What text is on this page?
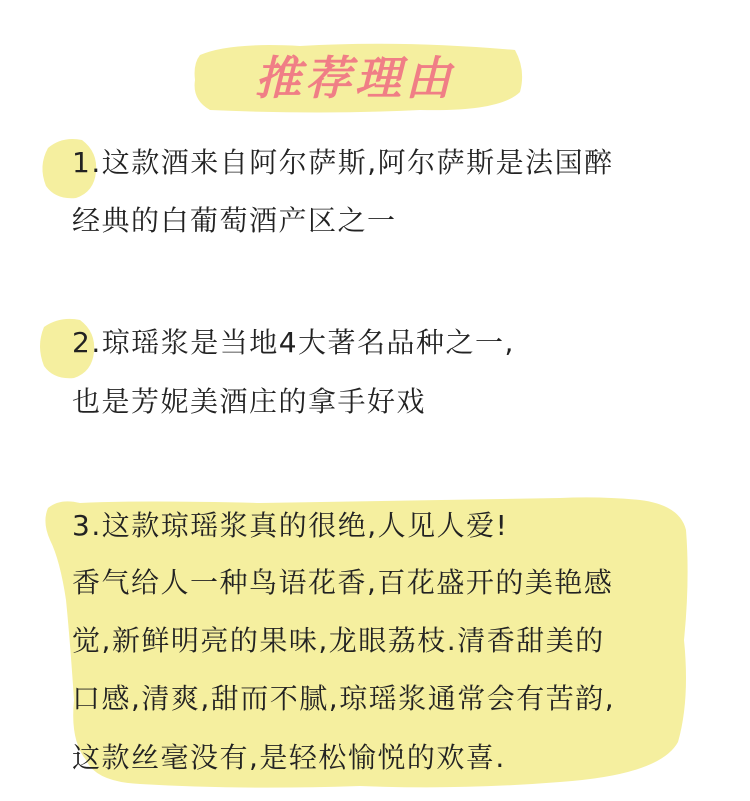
推荐理由
1.这款酒来自阿尔萨斯,阿尔萨斯是法国醉
经典的白葡萄酒产区之一
2.琼瑶浆是当地4大著名品种之一,
也是芳妮美酒庄的拿手好戏
3.这款琼瑶浆真的很绝,人见人爱!
香气给人一种鸟语花香,百花盛开的美艳感
觉,新鲜明亮的果味,龙眼荔枝.清香甜美的
口感,清爽,甜而不腻,琼瑶浆通常会有苦韵,
这款丝毫没有,是轻松愉悦的欢喜.
